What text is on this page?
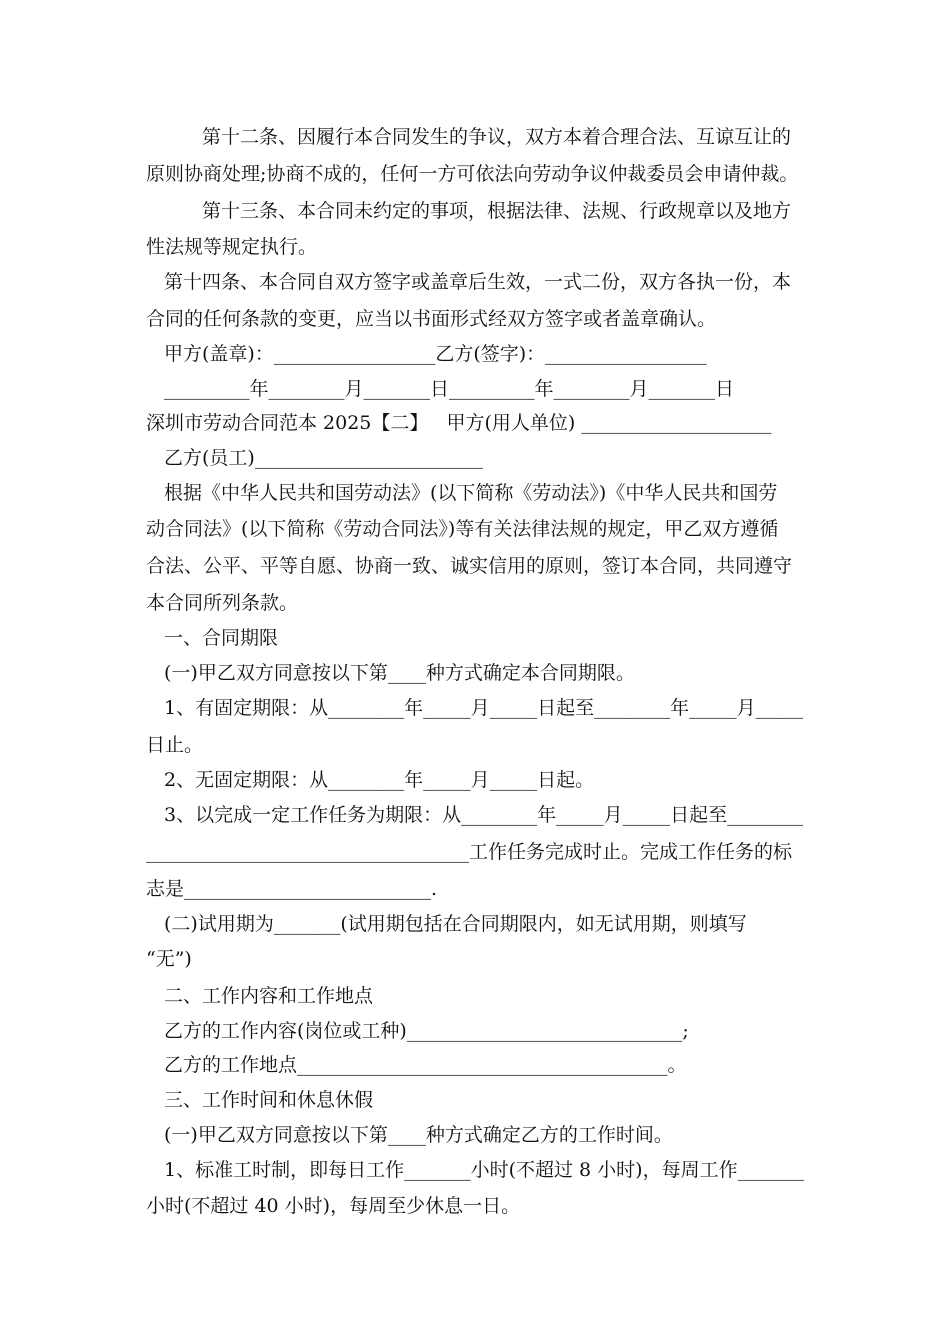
第十二条、因履行本合同发生的争议，双方本着合理合法、互谅互让的
原则协商处理;协商不成的，任何一方可依法向劳动争议仲裁委员会申请仲裁。
第十三条、本合同未约定的事项，根据法律、法规、行政规章以及地方
性法规等规定执行。
第十四条、本合同自双方签字或盖章后生效，一式二份，双方各执一份，本
合同的任何条款的变更，应当以书面形式经双方签字或者盖章确认。
甲方(盖章)：_________________乙方(签字)：_________________
_________年________月_______日_________年________月_______日
深圳市劳动合同范本 2025【二】   甲方(用人单位) ____________________
乙方(员工)________________________
根据《中华人民共和国劳动法》(以下简称《劳动法》)《中华人民共和国劳
动合同法》(以下简称《劳动合同法》)等有关法律法规的规定，甲乙双方遵循
合法、公平、平等自愿、协商一致、诚实信用的原则，签订本合同，共同遵守
本合同所列条款。
一、合同期限
(一)甲乙双方同意按以下第____种方式确定本合同期限。
1、有固定期限：从________年_____月_____日起至________年_____月_____
日止。
2、无固定期限：从________年_____月_____日起。
3、以完成一定工作任务为期限：从________年_____月_____日起至________
__________________________________工作任务完成时止。完成工作任务的标
志是__________________________.
(二)试用期为_______(试用期包括在合同期限内，如无试用期，则填写
“无”)
二、工作内容和工作地点
乙方的工作内容(岗位或工种)_____________________________;
乙方的工作地点_______________________________________。
三、工作时间和休息休假
(一)甲乙双方同意按以下第____种方式确定乙方的工作时间。
1、标准工时制，即每日工作_______小时(不超过 8 小时)，每周工作_______
小时(不超过 40 小时)，每周至少休息一日。
